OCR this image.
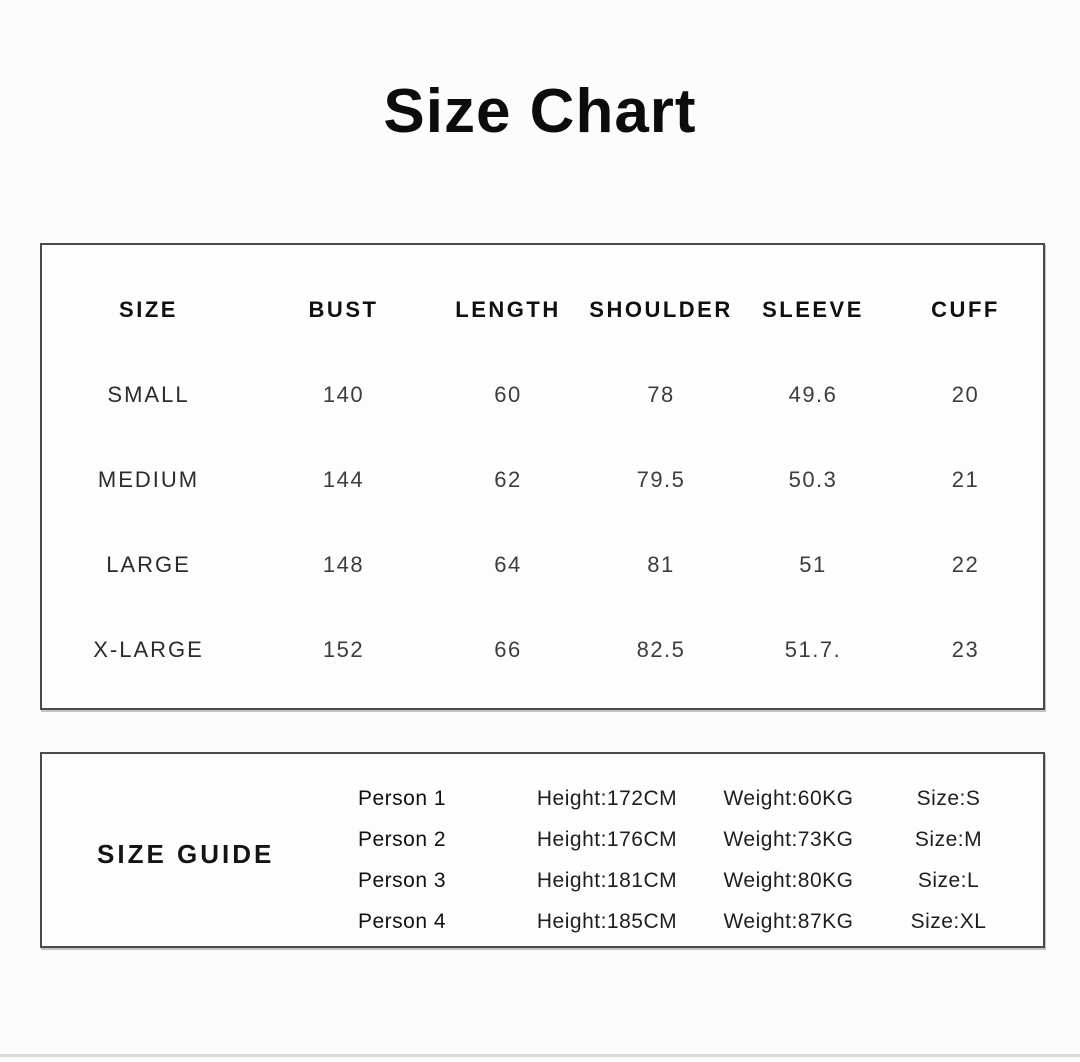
Size Chart
SIZE	BUST	LENGTH	SHOULDER	SLEEVE	CUFF
SMALL	140	60	78	49.6	20
MEDIUM	144	62	79.5	50.3	21
LARGE	148	64	81	51	22
X-LARGE	152	66	82.5	51.7.	23
SIZE GUIDE
Person 1	Height:172CM	Weight:60KG	Size:S
Person 2	Height:176CM	Weight:73KG	Size:M
Person 3	Height:181CM	Weight:80KG	Size:L
Person 4	Height:185CM	Weight:87KG	Size:XL
